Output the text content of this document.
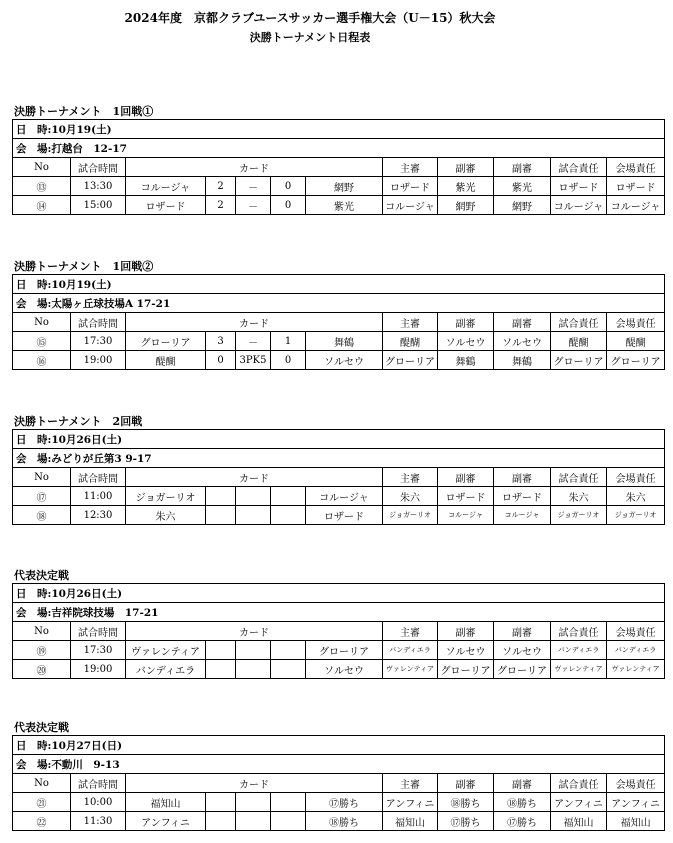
2024年度　京都クラブユースサッカー選手権大会（U－15）秋大会
決勝トーナメント日程表
決勝トーナメント　1回戦①
日　時:10月19(土)											
会　場:打越台　12-17											
No	試合時間	カード					主審	副審	副審	試合責任	会場責任
⑬	13:30	コルージャ	2	－	0	網野	ロザード	紫光	紫光	ロザード	ロザード
⑭	15:00	ロザード	2	－	0	紫光	コルージャ	網野	網野	コルージャ	コルージャ
決勝トーナメント　1回戦②
日　時:10月19(土)											
会　場:太陽ヶ丘球技場A 17-21											
No	試合時間	カード					主審	副審	副審	試合責任	会場責任
⑮	17:30	グローリア	3	－	1	舞鶴	醍醐	ソルセウ	ソルセウ	醍醐	醍醐
⑯	19:00	醍醐	0	3PK5	0	ソルセウ	グローリア	舞鶴	舞鶴	グローリア	グローリア
決勝トーナメント　2回戦
日　時:10月26日(土)											
会　場:みどりが丘第3 9-17											
No	試合時間	カード					主審	副審	副審	試合責任	会場責任
⑰	11:00	ジョガーリオ				コルージャ	朱六	ロザード	ロザード	朱六	朱六
⑱	12:30	朱六				ロザード	ジョガーリオ	コルージャ	コルージャ	ジョガーリオ	ジョガーリオ
代表決定戦
日　時:10月26日(土)											
会　場:吉祥院球技場　17-21											
No	試合時間	カード					主審	副審	副審	試合責任	会場責任
⑲	17:30	ヴァレンティア				グローリア	バンディエラ	ソルセウ	ソルセウ	バンディエラ	バンディエラ
⑳	19:00	バンディエラ				ソルセウ	ヴァレンティア	グローリア	グローリア	ヴァレンティア	ヴァレンティア
代表決定戦
日　時:10月27日(日)											
会　場:不動川　9-13											
No	試合時間	カード					主審	副審	副審	試合責任	会場責任
㉑	10:00	福知山				⑰勝ち	アンフィニ	⑱勝ち	⑱勝ち	アンフィニ	アンフィニ
㉒	11:30	アンフィニ				⑱勝ち	福知山	⑰勝ち	⑰勝ち	福知山	福知山
